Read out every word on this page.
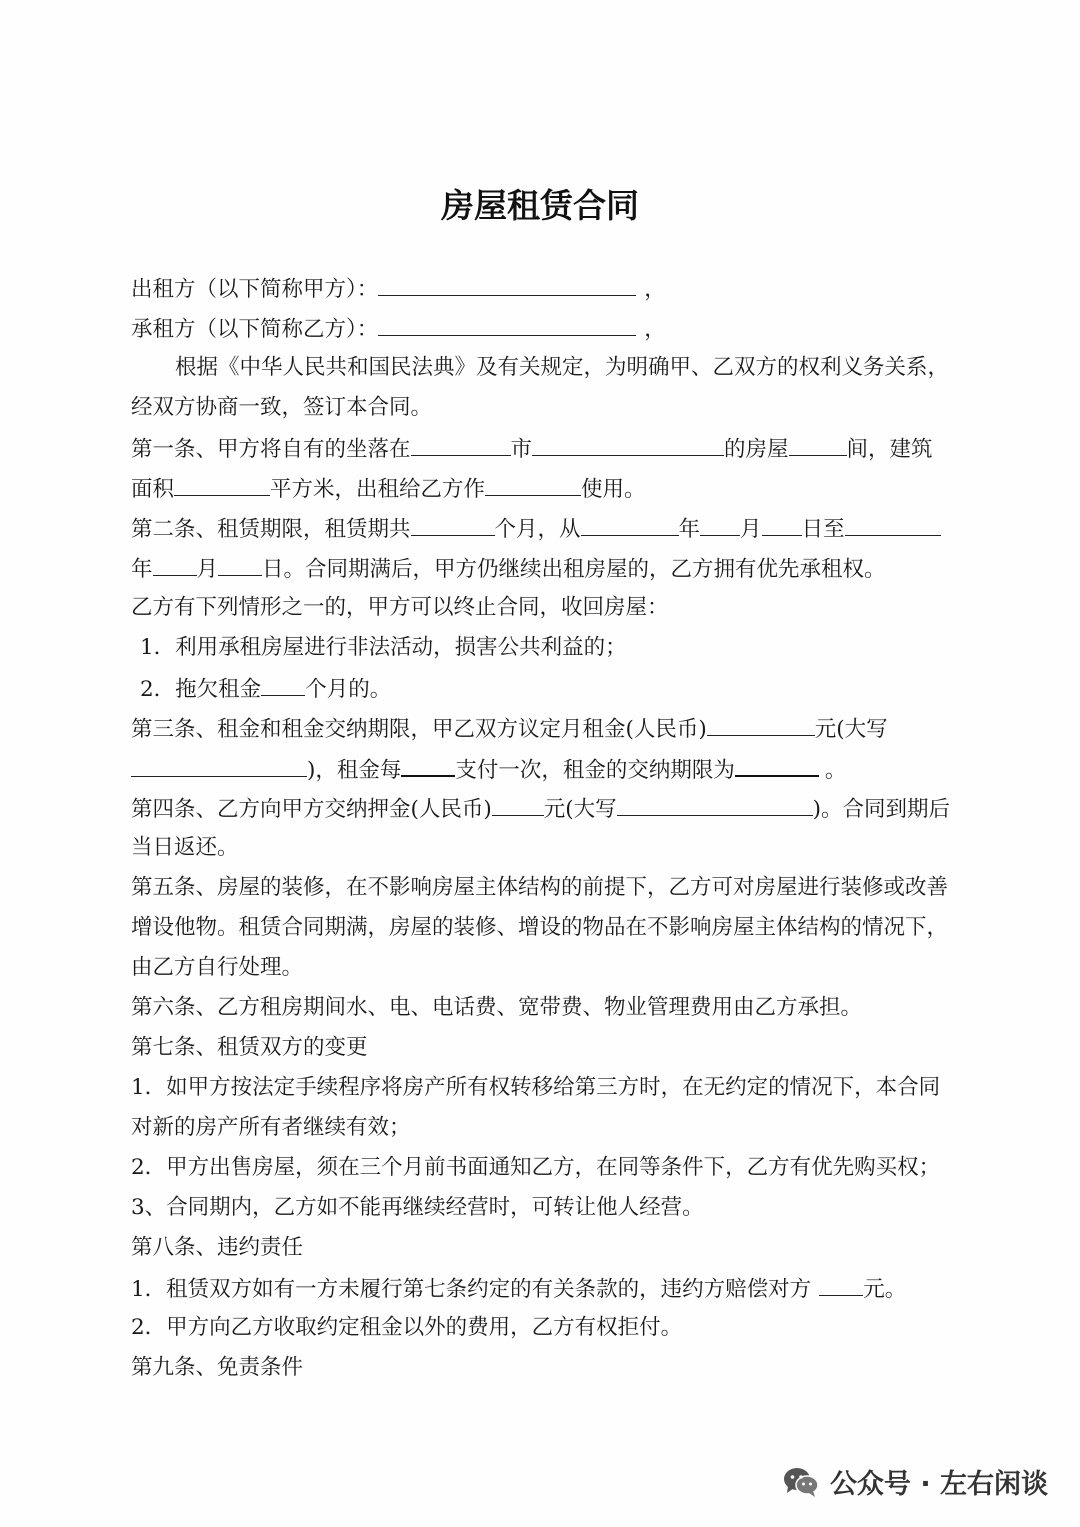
房屋租赁合同
出租方（以下简称甲方）：	，
承租方（以下简称乙方）：	，
根据《中华人民共和国民法典》及有关规定，为明确甲、乙双方的权利义务关系，
经双方协商一致，签订本合同。
第一条、甲方将自有的坐落在	市	的房屋	间，建筑
面积	平方米，出租给乙方作	使用。
第二条、租赁期限，租赁期共	个月，从	年 月 日至
年 月 日。合同期满后，甲方仍继续出租房屋的，乙方拥有优先承租权。
乙方有下列情形之一的，甲方可以终止合同，收回房屋：
1．利用承租房屋进行非法活动，损害公共利益的；
2．拖欠租金 个月的。
第三条、租金和租金交纳期限，甲乙双方议定月租金(人民币)	元(大写
)，租金每	支付一次，租金的交纳期限为	。
第四条、乙方向甲方交纳押金(人民币) 元(大写	)。合同到期后
当日返还。
第五条、房屋的装修，在不影响房屋主体结构的前提下，乙方可对房屋进行装修或改善
增设他物。租赁合同期满，房屋的装修、增设的物品在不影响房屋主体结构的情况下，
由乙方自行处理。
第六条、乙方租房期间水、电、电话费、宽带费、物业管理费用由乙方承担。
第七条、租赁双方的变更
1．如甲方按法定手续程序将房产所有权转移给第三方时，在无约定的情况下，本合同
对新的房产所有者继续有效；
2．甲方出售房屋，须在三个月前书面通知乙方，在同等条件下，乙方有优先购买权；
3、合同期内，乙方如不能再继续经营时，可转让他人经营。
第八条、违约责任
1．租赁双方如有一方未履行第七条约定的有关条款的，违约方赔偿对方 元。
2．甲方向乙方收取约定租金以外的费用，乙方有权拒付。
第九条、免责条件
公众号 · 左右闲谈
